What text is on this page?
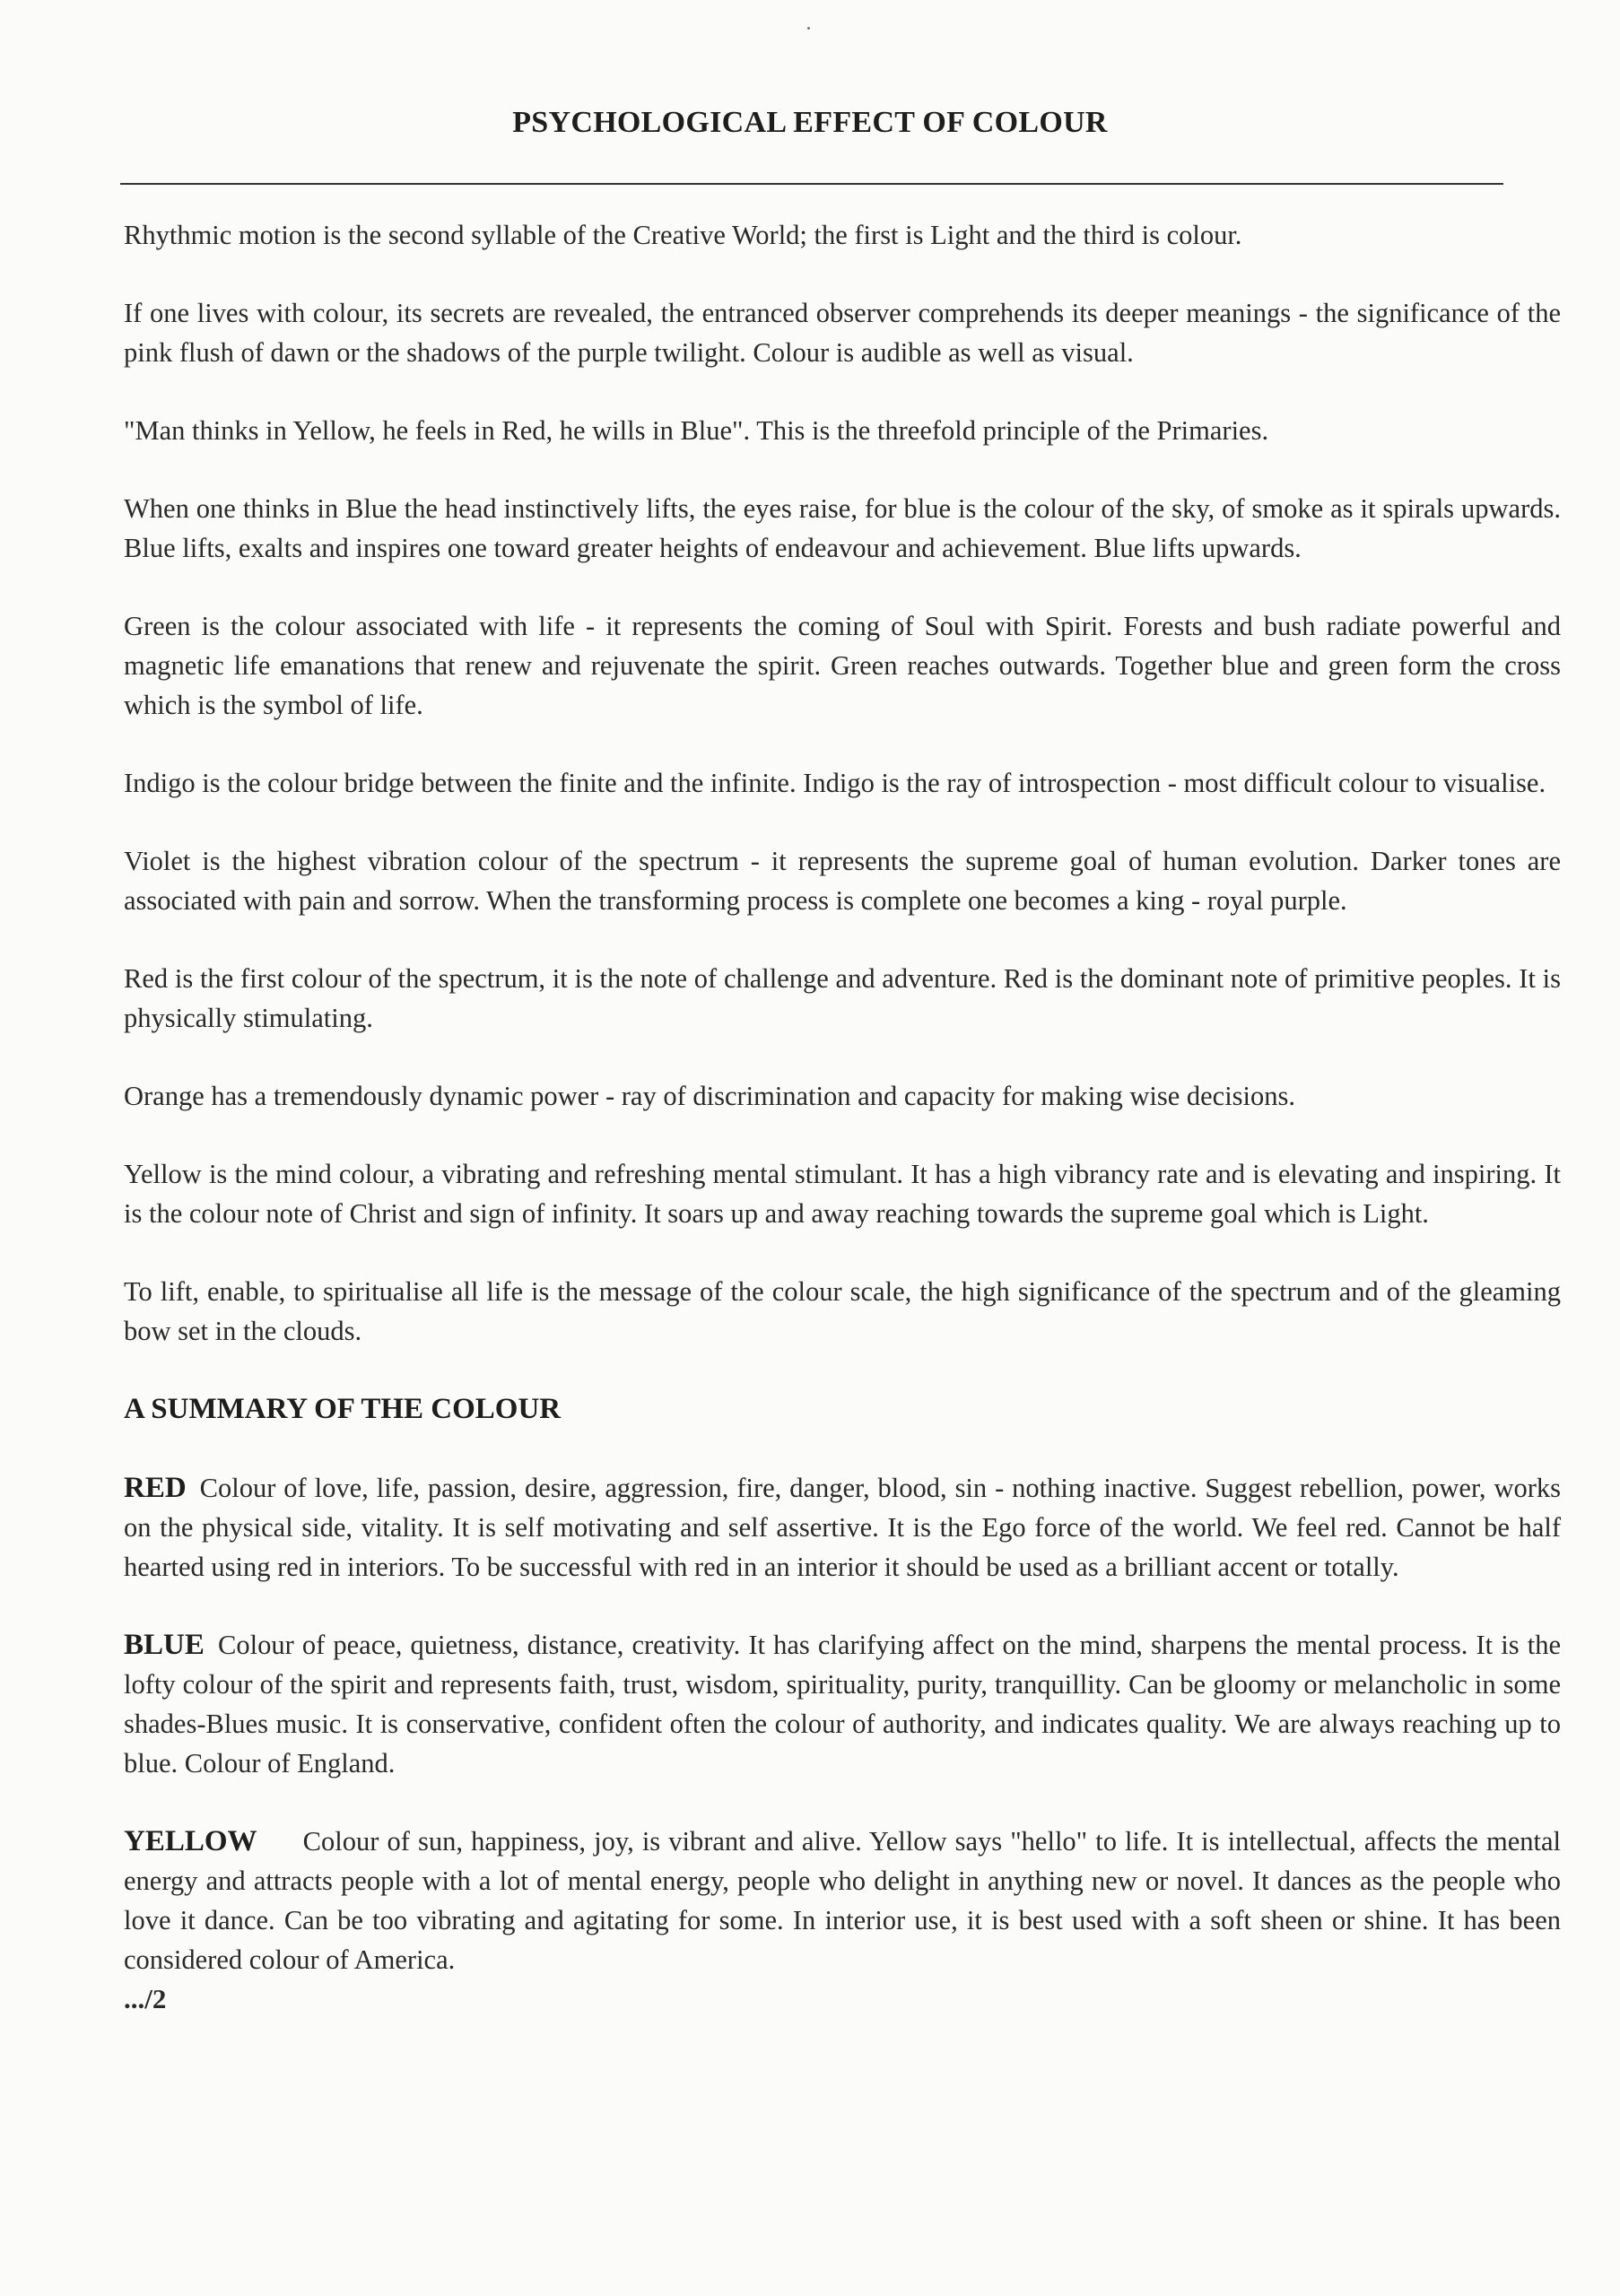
PSYCHOLOGICAL EFFECT OF COLOUR

Rhythmic motion is the second syllable of the Creative World; the first is Light and the third is colour.

If one lives with colour, its secrets are revealed, the entranced observer comprehends its deeper meanings - the significance of the pink flush of dawn or the shadows of the purple twilight. Colour is audible as well as visual.

"Man thinks in Yellow, he feels in Red, he wills in Blue". This is the threefold principle of the Primaries.

When one thinks in Blue the head instinctively lifts, the eyes raise, for blue is the colour of the sky, of smoke as it spirals upwards. Blue lifts, exalts and inspires one toward greater heights of endeavour and achievement. Blue lifts upwards.

Green is the colour associated with life - it represents the coming of Soul with Spirit. Forests and bush radiate powerful and magnetic life emanations that renew and rejuvenate the spirit. Green reaches outwards. Together blue and green form the cross which is the symbol of life.

Indigo is the colour bridge between the finite and the infinite. Indigo is the ray of introspection - most difficult colour to visualise.

Violet is the highest vibration colour of the spectrum - it represents the supreme goal of human evolution. Darker tones are associated with pain and sorrow. When the transforming process is complete one becomes a king - royal purple.

Red is the first colour of the spectrum, it is the note of challenge and adventure. Red is the dominant note of primitive peoples. It is physically stimulating.

Orange has a tremendously dynamic power - ray of discrimination and capacity for making wise decisions.

Yellow is the mind colour, a vibrating and refreshing mental stimulant. It has a high vibrancy rate and is elevating and inspiring. It is the colour note of Christ and sign of infinity. It soars up and away reaching towards the supreme goal which is Light.

To lift, enable, to spiritualise all life is the message of the colour scale, the high significance of the spectrum and of the gleaming bow set in the clouds.

A SUMMARY OF THE COLOUR

RED Colour of love, life, passion, desire, aggression, fire, danger, blood, sin - nothing inactive. Suggest rebellion, power, works on the physical side, vitality. It is self motivating and self assertive. It is the Ego force of the world. We feel red. Cannot be half hearted using red in interiors. To be successful with red in an interior it should be used as a brilliant accent or totally.

BLUE Colour of peace, quietness, distance, creativity. It has clarifying affect on the mind, sharpens the mental process. It is the lofty colour of the spirit and represents faith, trust, wisdom, spirituality, purity, tranquillity. Can be gloomy or melancholic in some shades-Blues music. It is conservative, confident often the colour of authority, and indicates quality. We are always reaching up to blue. Colour of England.

YELLOW Colour of sun, happiness, joy, is vibrant and alive. Yellow says "hello" to life. It is intellectual, affects the mental energy and attracts people with a lot of mental energy, people who delight in anything new or novel. It dances as the people who love it dance. Can be too vibrating and agitating for some. In interior use, it is best used with a soft sheen or shine. It has been considered colour of America.

.../2
